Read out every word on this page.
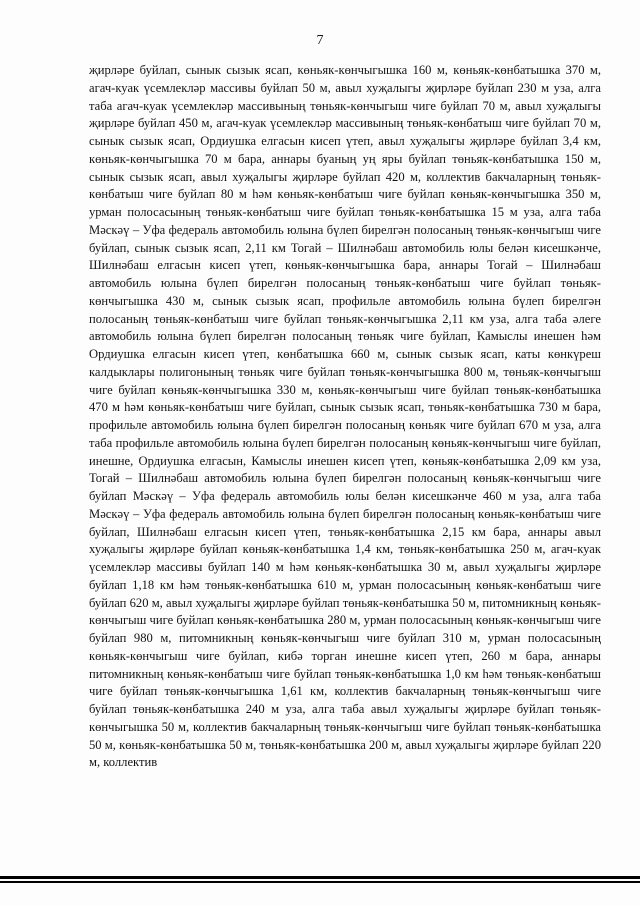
7

җирләре буйлап, сынык сызык ясап, көньяк-көнчыгышка 160 м, көньяк-көнбатышка 370 м, агач-куак үсемлекләр массивы буйлап 50 м, авыл хуҗалыгы җирләре буйлап 230 м уза, алга таба агач-куак үсемлекләр массивының төньяк-көнчыгыш чиге буйлап 70 м, авыл хуҗалыгы җирләре буйлап 450 м, агач-куак үсемлекләр массивының төньяк-көнбатыш чиге буйлап 70 м, сынык сызык ясап, Ордиушка елгасын кисеп үтеп, авыл хуҗалыгы җирләре буйлап 3,4 км, көньяк-көнчыгышка 70 м бара, аннары буаның уң яры буйлап төньяк-көнбатышка 150 м, сынык сызык ясап, авыл хуҗалыгы җирләре буйлап 420 м, коллектив бакчаларның төньяк-көнбатыш чиге буйлап 80 м һәм көньяк-көнбатыш чиге буйлап көньяк-көнчыгышка 350 м, урман полосасының төньяк-көнбатыш чиге буйлап төньяк-көнбатышка 15 м уза, алга таба Мәскәү – Уфа федераль автомобиль юлына бүлеп бирелгән полосаның төньяк-көнчыгыш чиге буйлап, сынык сызык ясап, 2,11 км Тогай – Шилнәбаш автомобиль юлы белән кисешкәнче, Шилнәбаш елгасын кисеп үтеп, көньяк-көнчыгышка бара, аннары Тогай – Шилнәбаш автомобиль юлына бүлеп бирелгән полосаның төньяк-көнбатыш чиге буйлап төньяк-көнчыгышка 430 м, сынык сызык ясап, профильле автомобиль юлына бүлеп бирелгән полосаның төньяк-көнбатыш чиге буйлап төньяк-көнчыгышка 2,11 км уза, алга таба әлеге автомобиль юлына бүлеп бирелгән полосаның төньяк чиге буйлап, Камыслы инешен һәм Ордиушка елгасын кисеп үтеп, көнбатышка 660 м, сынык сызык ясап, каты көнкүреш калдыклары полигонының төньяк чиге буйлап төньяк-көнчыгышка 800 м, төньяк-көнчыгыш чиге буйлап көньяк-көнчыгышка 330 м, көньяк-көнчыгыш чиге буйлап төньяк-көнбатышка 470 м һәм көньяк-көнбатыш чиге буйлап, сынык сызык ясап, төньяк-көнбатышка 730 м бара, профильле автомобиль юлына бүлеп бирелгән полосаның көньяк чиге буйлап 670 м уза, алга таба профильле автомобиль юлына бүлеп бирелгән полосаның көньяк-көнчыгыш чиге буйлап, инешне, Ордиушка елгасын, Камыслы инешен кисеп үтеп, көньяк-көнбатышка 2,09 км уза, Тогай – Шилнәбаш автомобиль юлына бүлеп бирелгән полосаның көньяк-көнчыгыш чиге буйлап Мәскәү – Уфа федераль автомобиль юлы белән кисешкәнче 460 м уза, алга таба Мәскәү – Уфа федераль автомобиль юлына бүлеп бирелгән полосаның көньяк-көнбатыш чиге буйлап, Шилнәбаш елгасын кисеп үтеп, төньяк-көнбатышка 2,15 км бара, аннары авыл хуҗалыгы җирләре буйлап көньяк-көнбатышка 1,4 км, төньяк-көнбатышка 250 м, агач-куак үсемлекләр массивы буйлап 140 м һәм көньяк-көнбатышка 30 м, авыл хуҗалыгы җирләре буйлап 1,18 км һәм төньяк-көнбатышка 610 м, урман полосасының көньяк-көнбатыш чиге буйлап 620 м, авыл хуҗалыгы җирләре буйлап төньяк-көнбатышка 50 м, питомникның көньяк-көнчыгыш чиге буйлап көньяк-көнбатышка 280 м, урман полосасының көньяк-көнчыгыш чиге буйлап 980 м, питомникның көньяк-көнчыгыш чиге буйлап 310 м, урман полосасының көньяк-көнчыгыш чиге буйлап, кибә торган инешне кисеп үтеп, 260 м бара, аннары питомникның көньяк-көнбатыш чиге буйлап төньяк-көнбатышка 1,0 км һәм төньяк-көнбатыш чиге буйлап төньяк-көнчыгышка 1,61 км, коллектив бакчаларның төньяк-көнчыгыш чиге буйлап төньяк-көнбатышка 240 м уза, алга таба авыл хуҗалыгы җирләре буйлап төньяк-көнчыгышка 50 м, коллектив бакчаларның төньяк-көнчыгыш чиге буйлап төньяк-көнбатышка 50 м, көньяк-көнбатышка 50 м, төньяк-көнбатышка 200 м, авыл хуҗалыгы җирләре буйлап 220 м, коллектив
